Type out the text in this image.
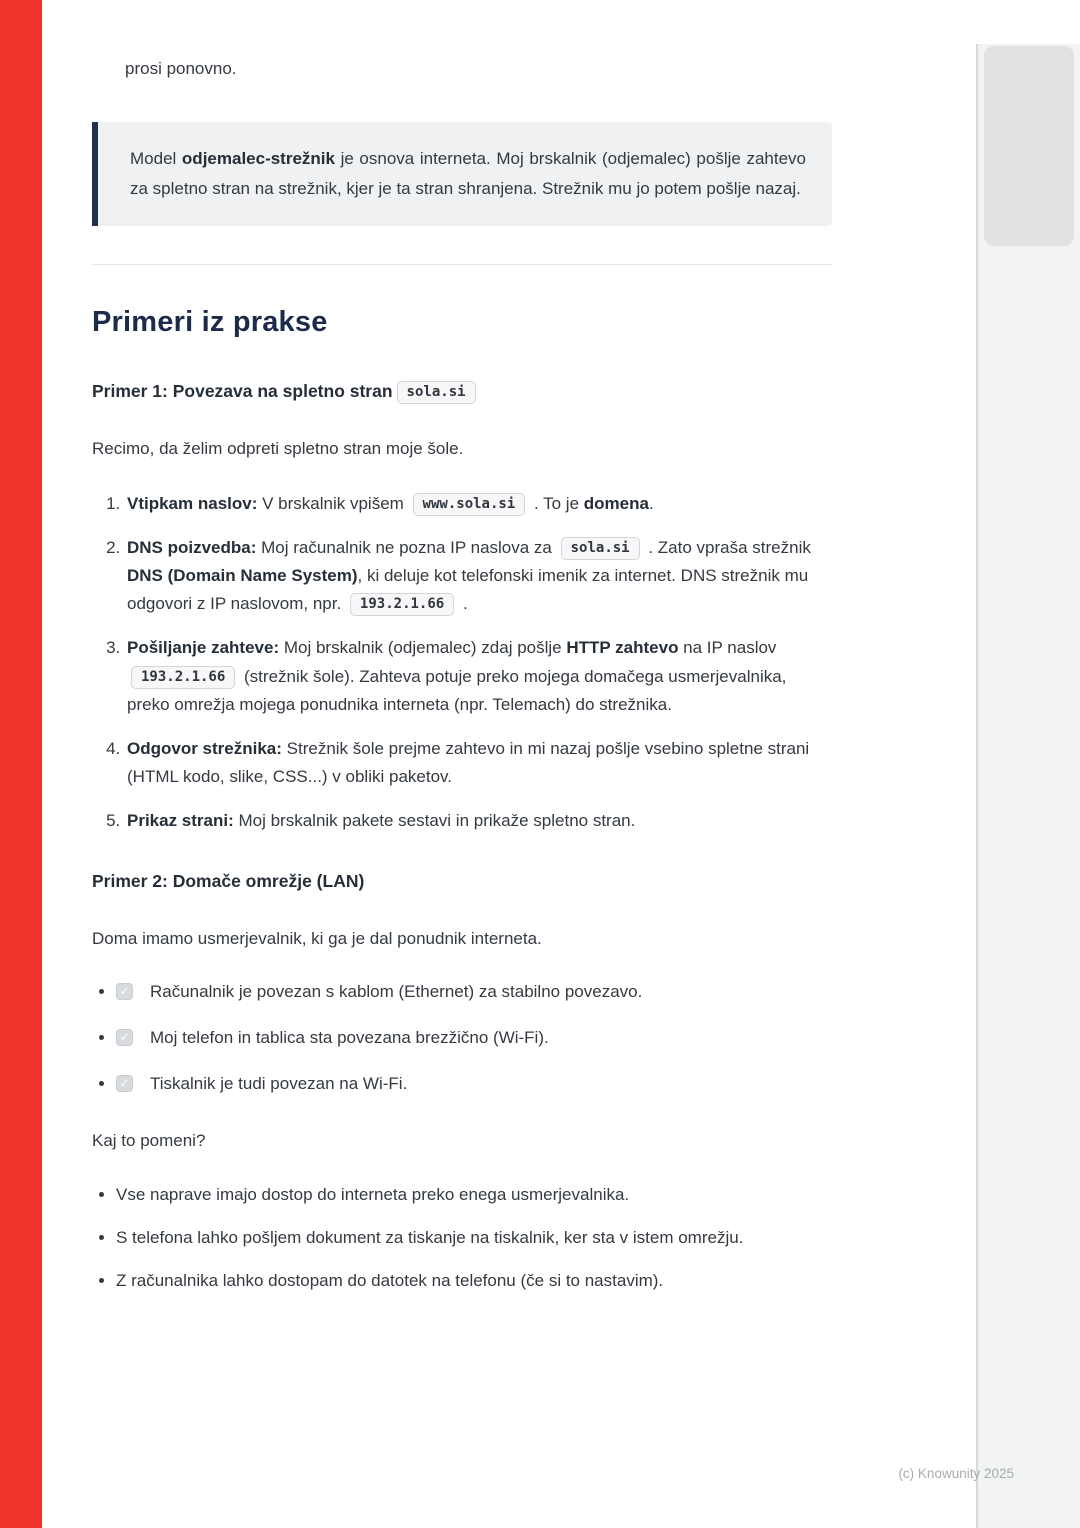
prosi ponovno.

Model odjemalec-strežnik je osnova interneta. Moj brskalnik (odjemalec) pošlje zahtevo za spletno stran na strežnik, kjer je ta stran shranjena. Strežnik mu jo potem pošlje nazaj.

Primeri iz prakse
Primer 1: Povezava na spletno stran sola.si

Recimo, da želim odpreti spletno stran moje šole.

1. Vtipkam naslov: V brskalnik vpišem www.sola.si . To je domena.
2. DNS poizvedba: Moj računalnik ne pozna IP naslova za sola.si . Zato vpraša strežnik DNS (Domain Name System), ki deluje kot telefonski imenik za internet. DNS strežnik mu odgovori z IP naslovom, npr. 193.2.1.66 .
3. Pošiljanje zahteve: Moj brskalnik (odjemalec) zdaj pošlje HTTP zahtevo na IP naslov 193.2.1.66 (strežnik šole). Zahteva potuje preko mojega domačega usmerjevalnika, preko omrežja mojega ponudnika interneta (npr. Telemach) do strežnika.
4. Odgovor strežnika: Strežnik šole prejme zahtevo in mi nazaj pošlje vsebino spletne strani (HTML kodo, slike, CSS...) v obliki paketov.
5. Prikaz strani: Moj brskalnik pakete sestavi in prikaže spletno stran.
Primer 2: Domače omrežje (LAN)

Doma imamo usmerjevalnik, ki ga je dal ponudnik interneta.

• ✓ Računalnik je povezan s kablom (Ethernet) za stabilno povezavo.
• ✓ Moj telefon in tablica sta povezana brezžično (Wi-Fi).
• ✓ Tiskalnik je tudi povezan na Wi-Fi.

Kaj to pomeni?

• Vse naprave imajo dostop do interneta preko enega usmerjevalnika.
• S telefona lahko pošljem dokument za tiskanje na tiskalnik, ker sta v istem omrežju.
• Z računalnika lahko dostopam do datotek na telefonu (če si to nastavim).
(c) Knowunity 2025
